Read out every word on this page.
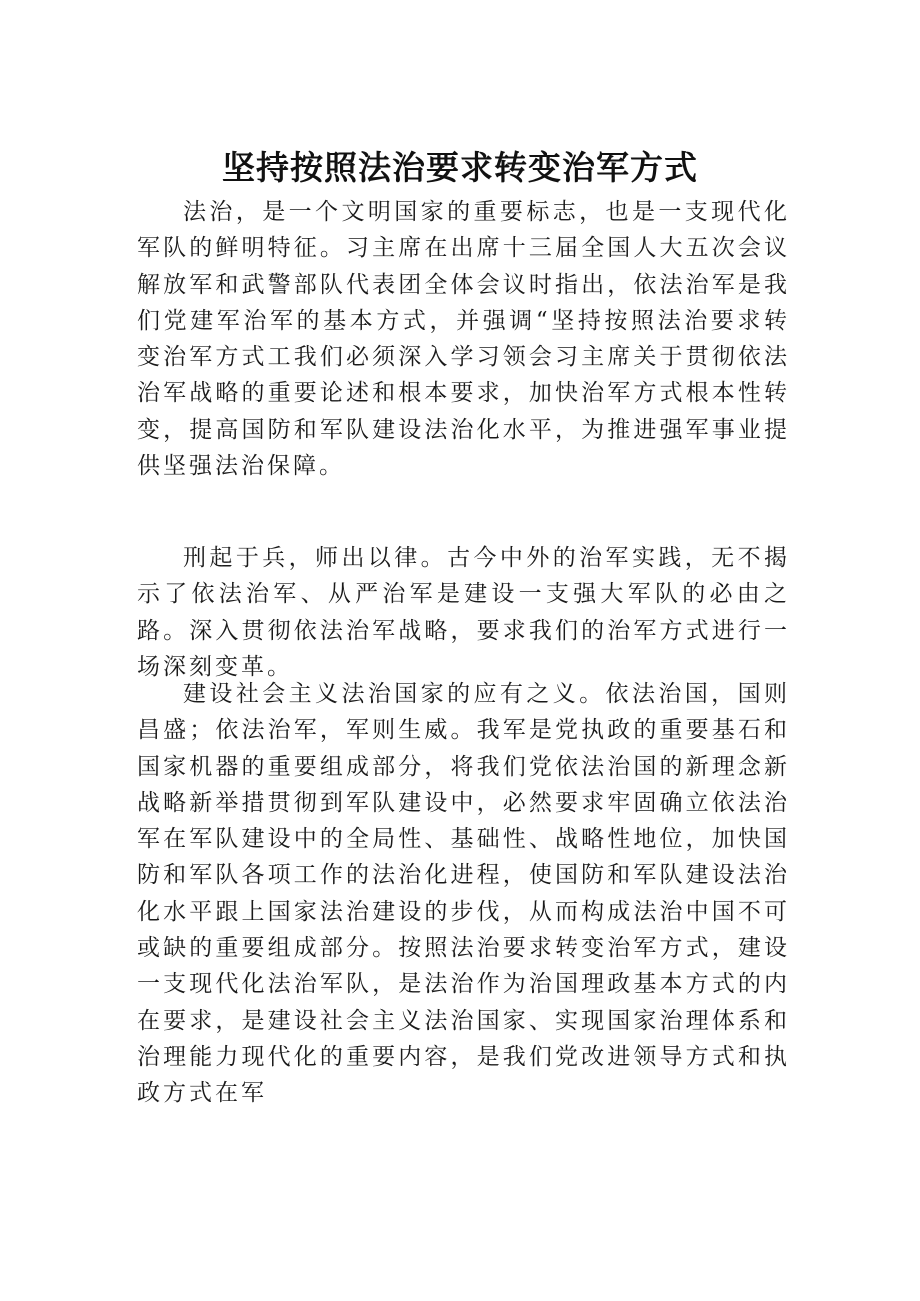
坚持按照法治要求转变治军方式

法治，是一个文明国家的重要标志，也是一支现代化军队的鲜明特征。习主席在出席十三届全国人大五次会议解放军和武警部队代表团全体会议时指出，依法治军是我们党建军治军的基本方式，并强调“坚持按照法治要求转变治军方式工我们必须深入学习领会习主席关于贯彻依法治军战略的重要论述和根本要求，加快治军方式根本性转变，提高国防和军队建设法治化水平，为推进强军事业提供坚强法治保障。

刑起于兵，师出以律。古今中外的治军实践，无不揭示了依法治军、从严治军是建设一支强大军队的必由之路。深入贯彻依法治军战略，要求我们的治军方式进行一场深刻变革。

建设社会主义法治国家的应有之义。依法治国，国则昌盛；依法治军，军则生威。我军是党执政的重要基石和国家机器的重要组成部分，将我们党依法治国的新理念新战略新举措贯彻到军队建设中，必然要求牢固确立依法治军在军队建设中的全局性、基础性、战略性地位，加快国防和军队各项工作的法治化进程，使国防和军队建设法治化水平跟上国家法治建设的步伐，从而构成法治中国不可或缺的重要组成部分。按照法治要求转变治军方式，建设一支现代化法治军队，是法治作为治国理政基本方式的内在要求，是建设社会主义法治国家、实现国家治理体系和治理能力现代化的重要内容，是我们党改进领导方式和执政方式在军
